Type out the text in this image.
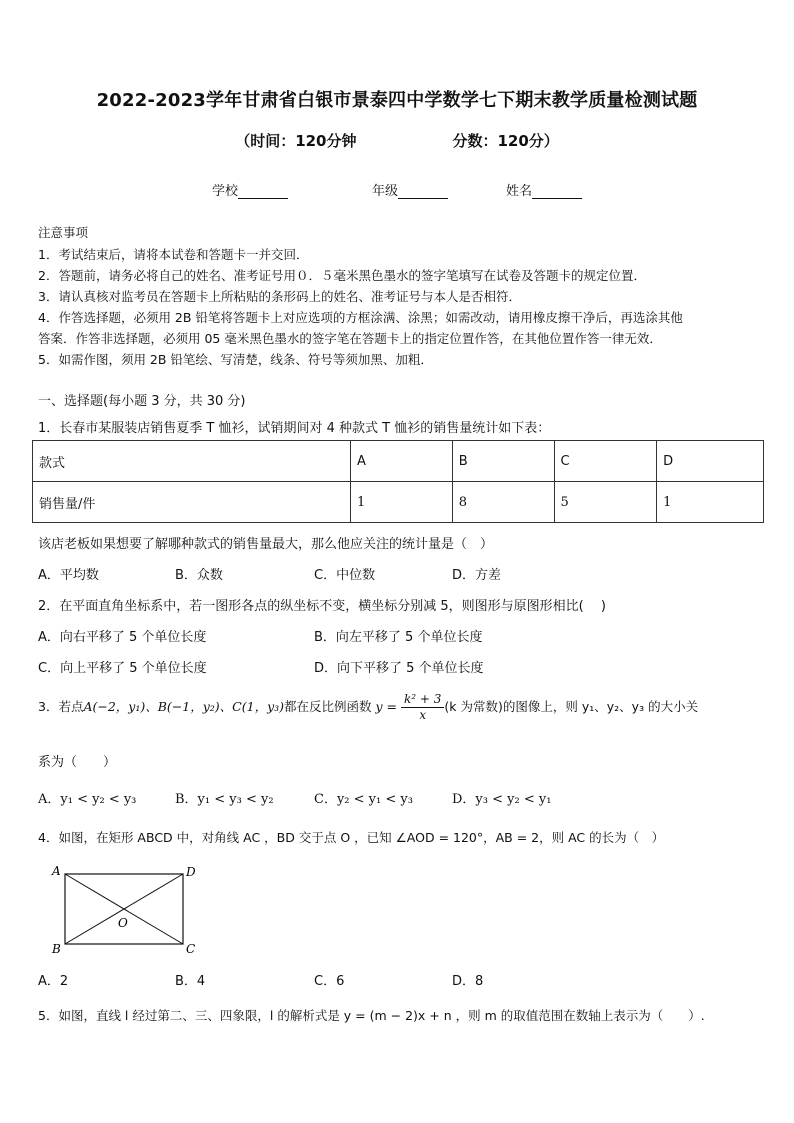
2022-2023学年甘肃省白银市景泰四中学数学七下期末教学质量检测试题
（时间：120分钟	分数：120分）
学校	年级	姓名
注意事项
1．考试结束后，请将本试卷和答题卡一并交回．
2．答题前，请务必将自己的姓名、准考证号用０．５毫米黑色墨水的签字笔填写在试卷及答题卡的规定位置．
3．请认真核对监考员在答题卡上所粘贴的条形码上的姓名、准考证号与本人是否相符．
4．作答选择题，必须用 2B 铅笔将答题卡上对应选项的方框涂满、涂黑；如需改动，请用橡皮擦干净后，再选涂其他
答案．作答非选择题，必须用 05 毫米黑色墨水的签字笔在答题卡上的指定位置作答，在其他位置作答一律无效．
5．如需作图，须用 2B 铅笔绘、写清楚，线条、符号等须加黑、加粗．
一、选择题(每小题 3 分，共 30 分)
1．长春市某服装店销售夏季 T 恤衫，试销期间对 4 种款式 T 恤衫的销售量统计如下表：
款式	A	B	C	D
销售量/件	1	8	5	1
该店老板如果想要了解哪种款式的销售量最大，那么他应关注的统计量是（　）
A．平均数	B．众数	C．中位数	D．方差
2．在平面直角坐标系中，若一图形各点的纵坐标不变，横坐标分别减 5，则图形与原图形相比(　 )
A．向右平移了 5 个单位长度	B．向左平移了 5 个单位长度
C．向上平移了 5 个单位长度	D．向下平移了 5 个单位长度
3．若点A(−2，y₁)、B(−1，y₂)、C(1，y₃)都在反比例函数 $y = \frac{\text{k² + 3}}{x} (k$ 为常数)的图像上，则 y₁、y₂、y₃ 的大小关
系为（　　）
A．y₁ < y₂ < y₃	B．y₁ < y₃ < y₂	C．y₂ < y₁ < y₃	D．y₃ < y₂ < y₁
4．如图，在矩形 ABCD 中，对角线 AC ，BD 交于点 O ，已知 ∠AOD = 120°，AB = 2，则 AC 的长为（　）
A	D
B	C
O
A．2	B．4	C．6	D．8
5．如图，直线 l 经过第二、三、四象限，l 的解析式是 y = (m − 2)x + n ，则 m 的取值范围在数轴上表示为（　　）.
